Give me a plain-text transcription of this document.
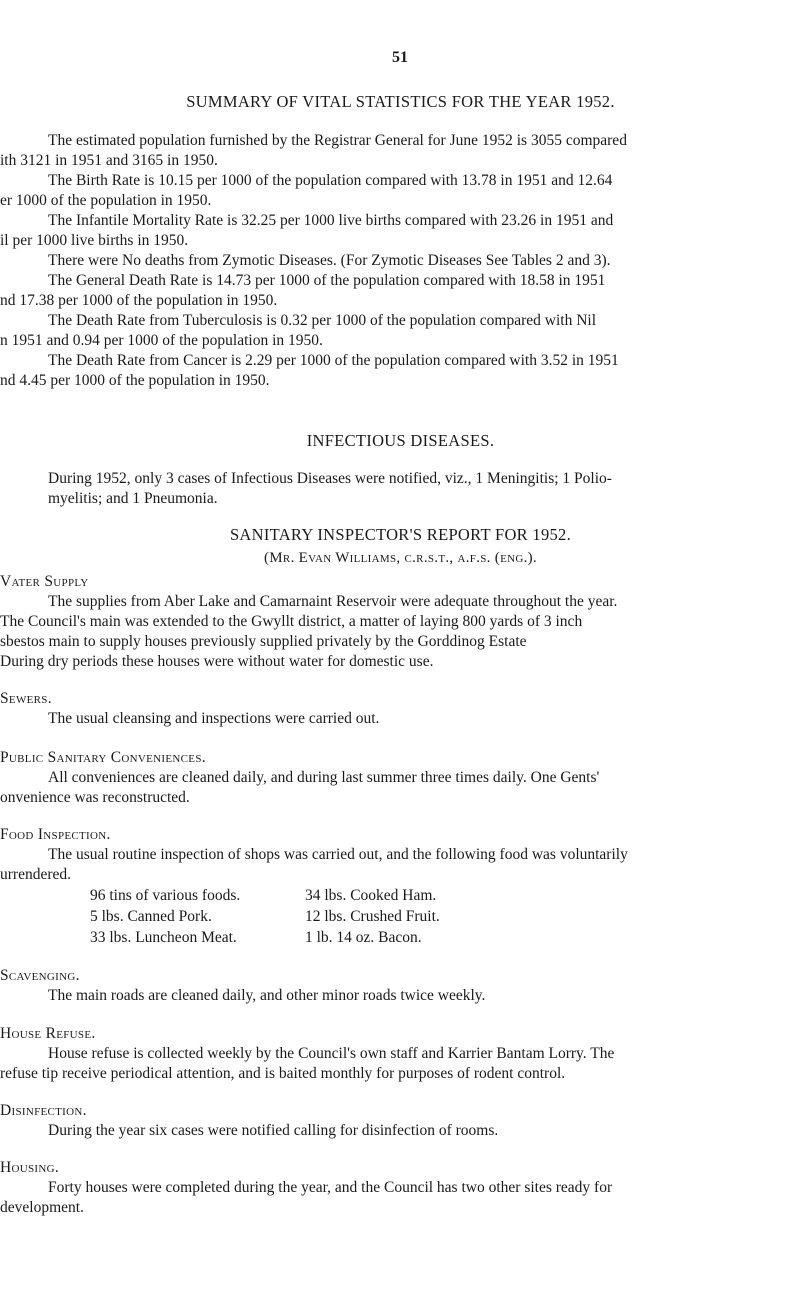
51
SUMMARY OF VITAL STATISTICS FOR THE YEAR 1952.
The estimated population furnished by the Registrar General for June 1952 is 3055 compared
ith 3121 in 1951 and 3165 in 1950.
The Birth Rate is 10.15 per 1000 of the population compared with 13.78 in 1951 and 12.64
er 1000 of the population in 1950.
The Infantile Mortality Rate is 32.25 per 1000 live births compared with 23.26 in 1951 and
il per 1000 live births in 1950.
There were No deaths from Zymotic Diseases. (For Zymotic Diseases See Tables 2 and 3).
The General Death Rate is 14.73 per 1000 of the population compared with 18.58 in 1951
nd 17.38 per 1000 of the population in 1950.
The Death Rate from Tuberculosis is 0.32 per 1000 of the population compared with Nil
n 1951 and 0.94 per 1000 of the population in 1950.
The Death Rate from Cancer is 2.29 per 1000 of the population compared with 3.52 in 1951
nd 4.45 per 1000 of the population in 1950.
INFECTIOUS DISEASES.
During 1952, only 3 cases of Infectious Diseases were notified, viz., 1 Meningitis; 1 Polio-
myelitis; and 1 Pneumonia.
SANITARY INSPECTOR'S REPORT FOR 1952.
(Mr. Evan Williams, c.r.s.t., a.f.s. (eng.).
Vater Supply
The supplies from Aber Lake and Camarnaint Reservoir were adequate throughout the year.
The Council's main was extended to the Gwyllt district, a matter of laying 800 yards of 3 inch
sbestos main to supply houses previously supplied privately by the Gorddinog Estate
During dry periods these houses were without water for domestic use.
Sewers.
The usual cleansing and inspections were carried out.
Public Sanitary Conveniences.
All conveniences are cleaned daily, and during last summer three times daily. One Gents'
onvenience was reconstructed.
Food Inspection.
The usual routine inspection of shops was carried out, and the following food was voluntarily
urrendered.
96 tins of various foods.	34 lbs. Cooked Ham.
5 lbs. Canned Pork.	12 lbs. Crushed Fruit.
33 lbs. Luncheon Meat.	1 lb. 14 oz. Bacon.
Scavenging.
The main roads are cleaned daily, and other minor roads twice weekly.
House Refuse.
House refuse is collected weekly by the Council's own staff and Karrier Bantam Lorry. The
refuse tip receive periodical attention, and is baited monthly for purposes of rodent control.
Disinfection.
During the year six cases were notified calling for disinfection of rooms.
Housing.
Forty houses were completed during the year, and the Council has two other sites ready for
development.
